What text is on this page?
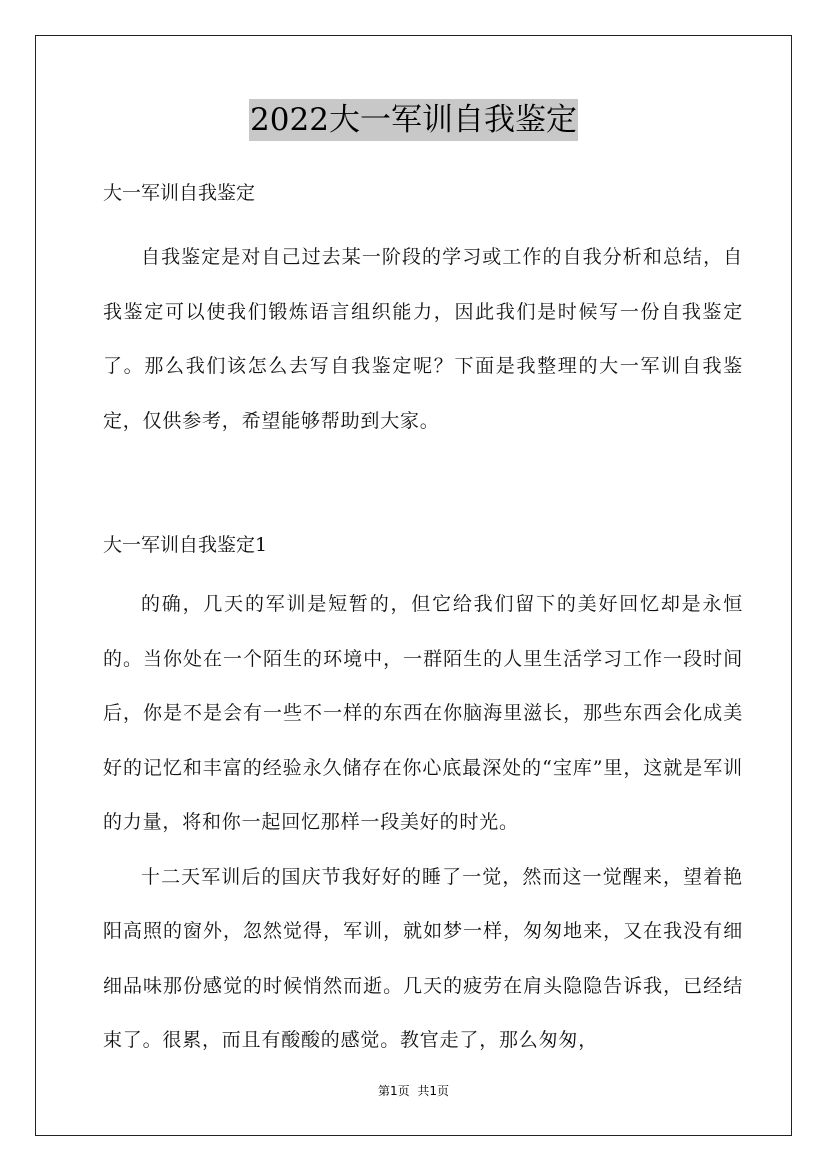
2022大一军训自我鉴定
大一军训自我鉴定

自我鉴定是对自己过去某一阶段的学习或工作的自我分析和总结，自我鉴定可以使我们锻炼语言组织能力，因此我们是时候写一份自我鉴定了。那么我们该怎么去写自我鉴定呢？下面是我整理的大一军训自我鉴定，仅供参考，希望能够帮助到大家。

大一军训自我鉴定1

的确，几天的军训是短暂的，但它给我们留下的美好回忆却是永恒的。当你处在一个陌生的环境中，一群陌生的人里生活学习工作一段时间后，你是不是会有一些不一样的东西在你脑海里滋长，那些东西会化成美好的记忆和丰富的经验永久储存在你心底最深处的“宝库”里，这就是军训的力量，将和你一起回忆那样一段美好的时光。

十二天军训后的国庆节我好好的睡了一觉，然而这一觉醒来，望着艳阳高照的窗外，忽然觉得，军训，就如梦一样，匆匆地来，又在我没有细细品味那份感觉的时候悄然而逝。几天的疲劳在肩头隐隐告诉我，已经结束了。很累，而且有酸酸的感觉。教官走了，那么匆匆，

第1页 共1页
